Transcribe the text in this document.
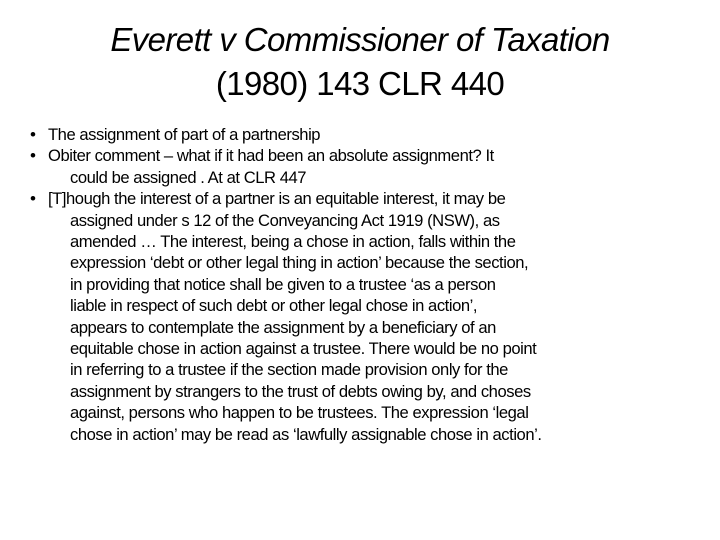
Everett v Commissioner of Taxation
(1980) 143 CLR 440
• The assignment of part of a partnership
• Obiter comment – what if it had been an absolute assignment? It
could be assigned . At at CLR 447
• [T]hough the interest of a partner is an equitable interest, it may be
assigned under s 12 of the Conveyancing Act 1919 (NSW), as
amended … The interest, being a chose in action, falls within the
expression ‘debt or other legal thing in action’ because the section,
in providing that notice shall be given to a trustee ‘as a person
liable in respect of such debt or other legal chose in action’,
appears to contemplate the assignment by a beneficiary of an
equitable chose in action against a trustee. There would be no point
in referring to a trustee if the section made provision only for the
assignment by strangers to the trust of debts owing by, and choses
against, persons who happen to be trustees. The expression ‘legal
chose in action’ may be read as ‘lawfully assignable chose in action’.
